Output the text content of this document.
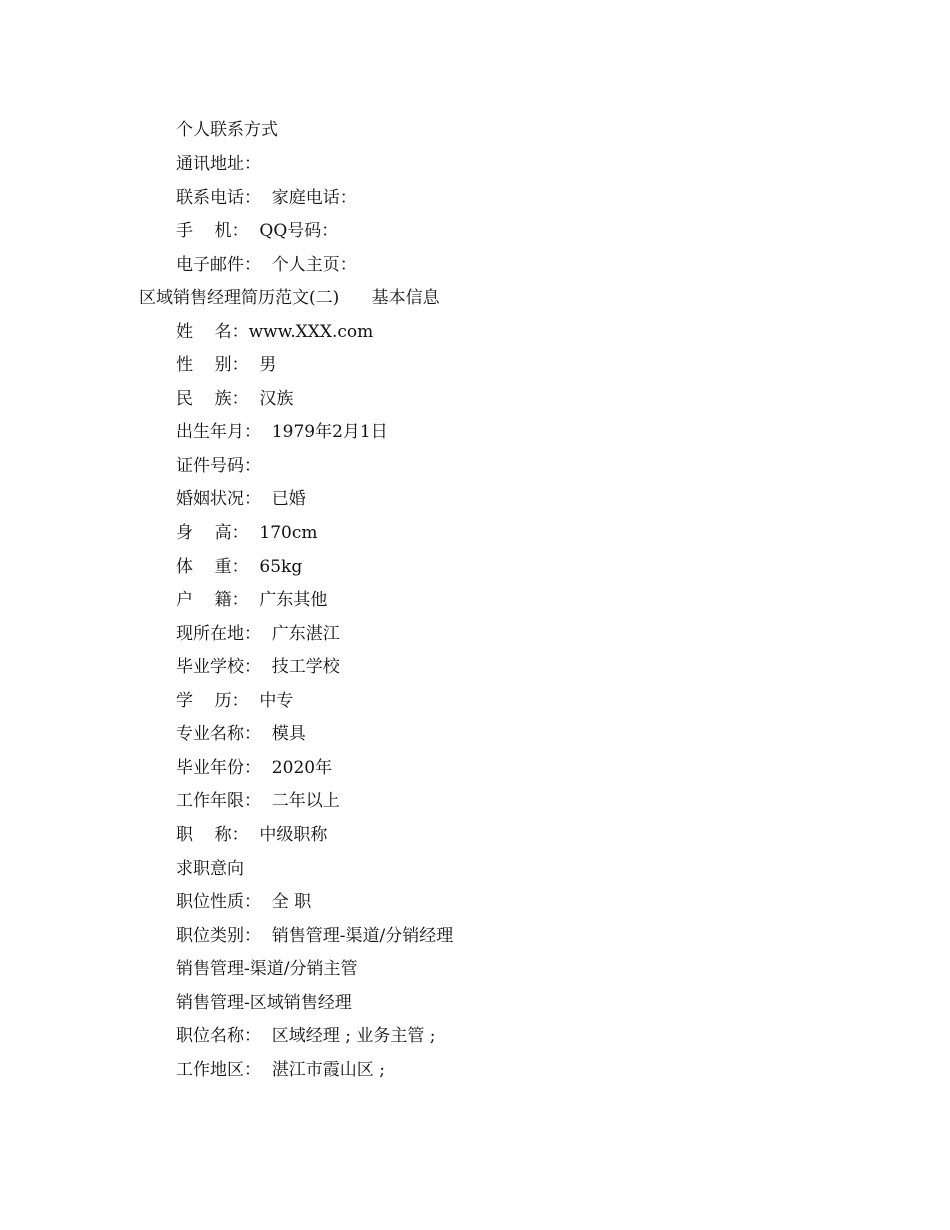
个人联系方式
通讯地址：
联系电话：  家庭电话：
手    机：  QQ号码：
电子邮件：  个人主页：
区域销售经理简历范文(二)      基本信息
姓    名：www.XXX.com
性    别：  男
民    族：  汉族
出生年月：  1979年2月1日
证件号码：
婚姻状况：  已婚
身    高：  170cm
体    重：  65kg
户    籍：  广东其他
现所在地：  广东湛江
毕业学校：  技工学校
学    历：  中专
专业名称：  模具
毕业年份：  2020年
工作年限：  二年以上
职    称：  中级职称
求职意向
职位性质：  全 职
职位类别：  销售管理-渠道/分销经理
销售管理-渠道/分销主管
销售管理-区域销售经理
职位名称：  区域经理 ; 业务主管 ;
工作地区：  湛江市霞山区 ;
